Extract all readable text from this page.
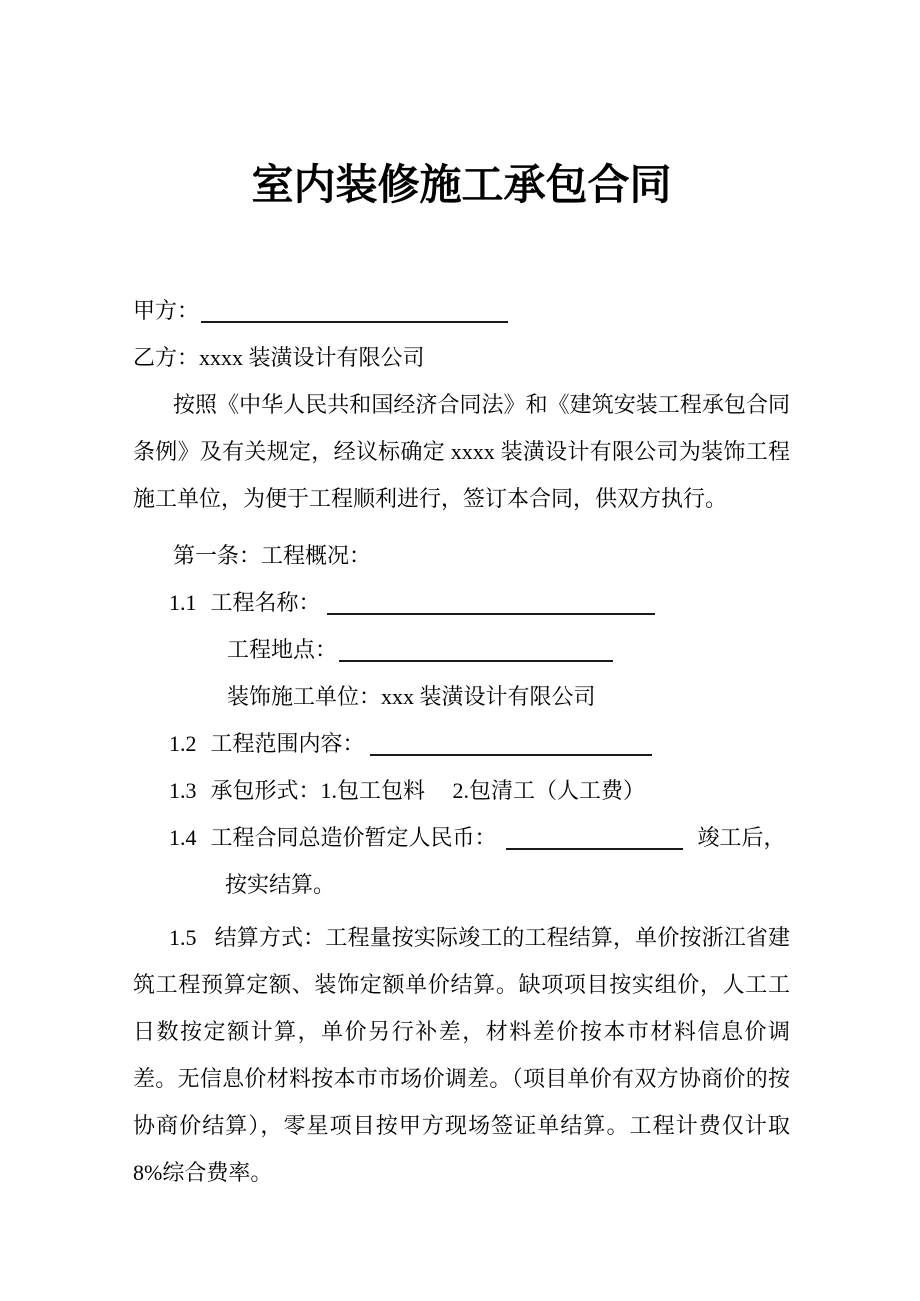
室内装修施工承包合同
甲方：
乙方：xxxx 装潢设计有限公司

按照《中华人民共和国经济合同法》和《建筑安装工程承包合同条例》及有关规定，经议标确定 xxxx 装潢设计有限公司为装饰工程施工单位，为便于工程顺利进行，签订本合同，供双方执行。

第一条：工程概况：
1.1 工程名称：
工程地点：
装饰施工单位：xxx 装潢设计有限公司
1.2 工程范围内容：
1.3 承包形式：1.包工包料　 2.包清工（人工费）
1.4 工程合同总造价暂定人民币：	竣工后，
按实结算。

1.5 结算方式：工程量按实际竣工的工程结算，单价按浙江省建筑工程预算定额、装饰定额单价结算。缺项项目按实组价，人工工日数按定额计算，单价另行补差，材料差价按本市材料信息价调差。无信息价材料按本市市场价调差。（项目单价有双方协商价的按协商价结算），零星项目按甲方现场签证单结算。工程计费仅计取 8%综合费率。
